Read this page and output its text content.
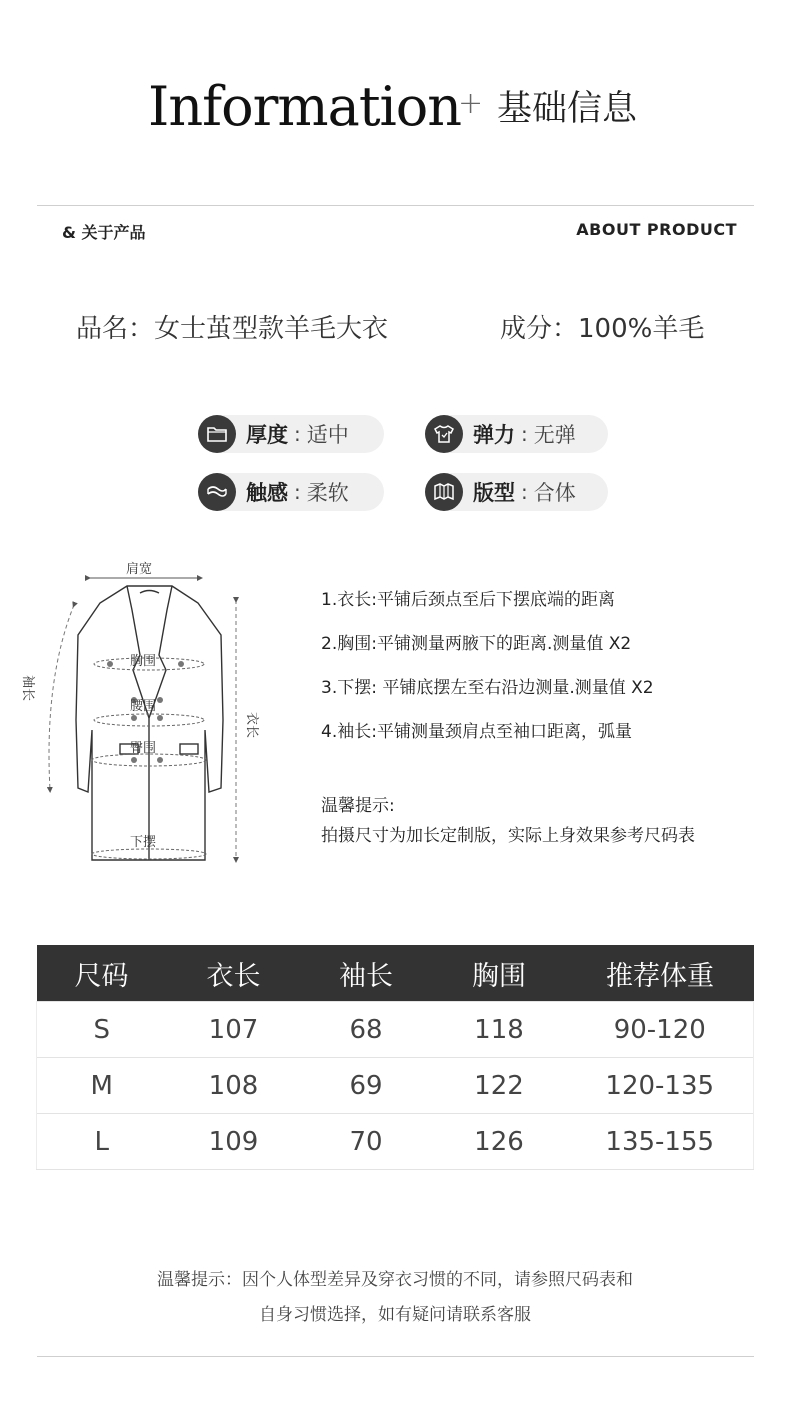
Information
+ 基础信息
& 关于产品	ABOUT PRODUCT
品名：女士茧型款羊毛大衣	成分：100%羊毛
厚度 : 适中	弹力 : 无弹
触感 : 柔软	版型 : 合体
肩宽
胸围
腰围
臀围
下摆
衣长
袖长
1.衣长:平铺后颈点至后下摆底端的距离
2.胸围:平铺测量两腋下的距离.测量值 X2
3.下摆: 平铺底摆左至右沿边测量.测量值 X2
4.袖长:平铺测量颈肩点至袖口距离，弧量
温馨提示:
拍摄尺寸为加长定制版，实际上身效果参考尺码表
尺码	衣长	袖长	胸围	推荐体重
S	107	68	118	90-120
M	108	69	122	120-135
L	109	70	126	135-155
温馨提示：因个人体型差异及穿衣习惯的不同，请参照尺码表和
自身习惯选择，如有疑问请联系客服
